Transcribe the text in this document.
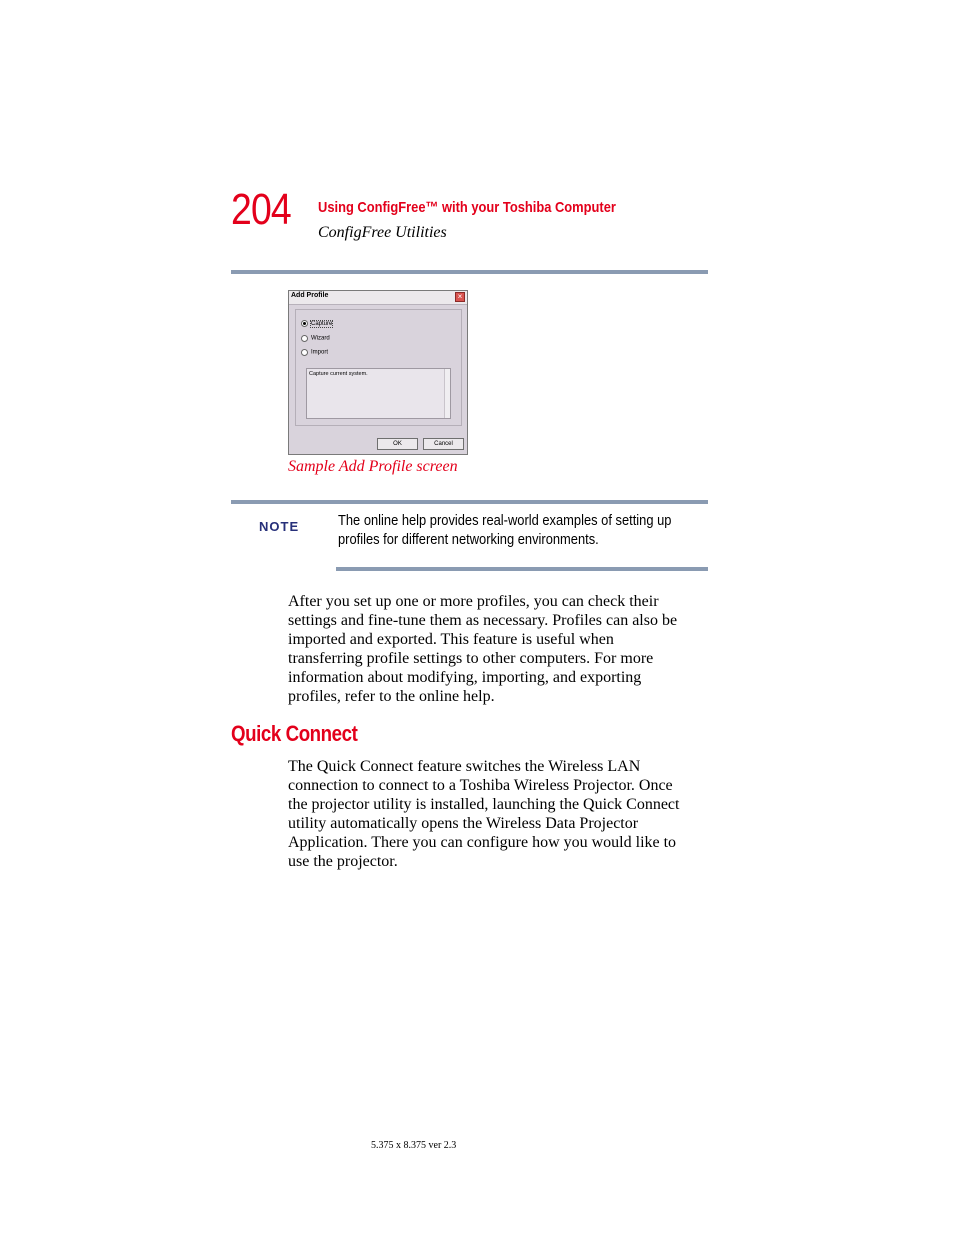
204 Using ConfigFree™ with your Toshiba Computer
ConfigFree Utilities
Add Profile	×
Capture
Wizard
Import
Capture current system.
OK	Cancel
Sample Add Profile screen
NOTE	The online help provides real-world examples of setting up
profiles for different networking environments.
After you set up one or more profiles, you can check their
settings and fine-tune them as necessary. Profiles can also be
imported and exported. This feature is useful when
transferring profile settings to other computers. For more
information about modifying, importing, and exporting
profiles, refer to the online help.
Quick Connect
The Quick Connect feature switches the Wireless LAN
connection to connect to a Toshiba Wireless Projector. Once
the projector utility is installed, launching the Quick Connect
utility automatically opens the Wireless Data Projector
Application. There you can configure how you would like to
use the projector.
5.375 x 8.375 ver 2.3
